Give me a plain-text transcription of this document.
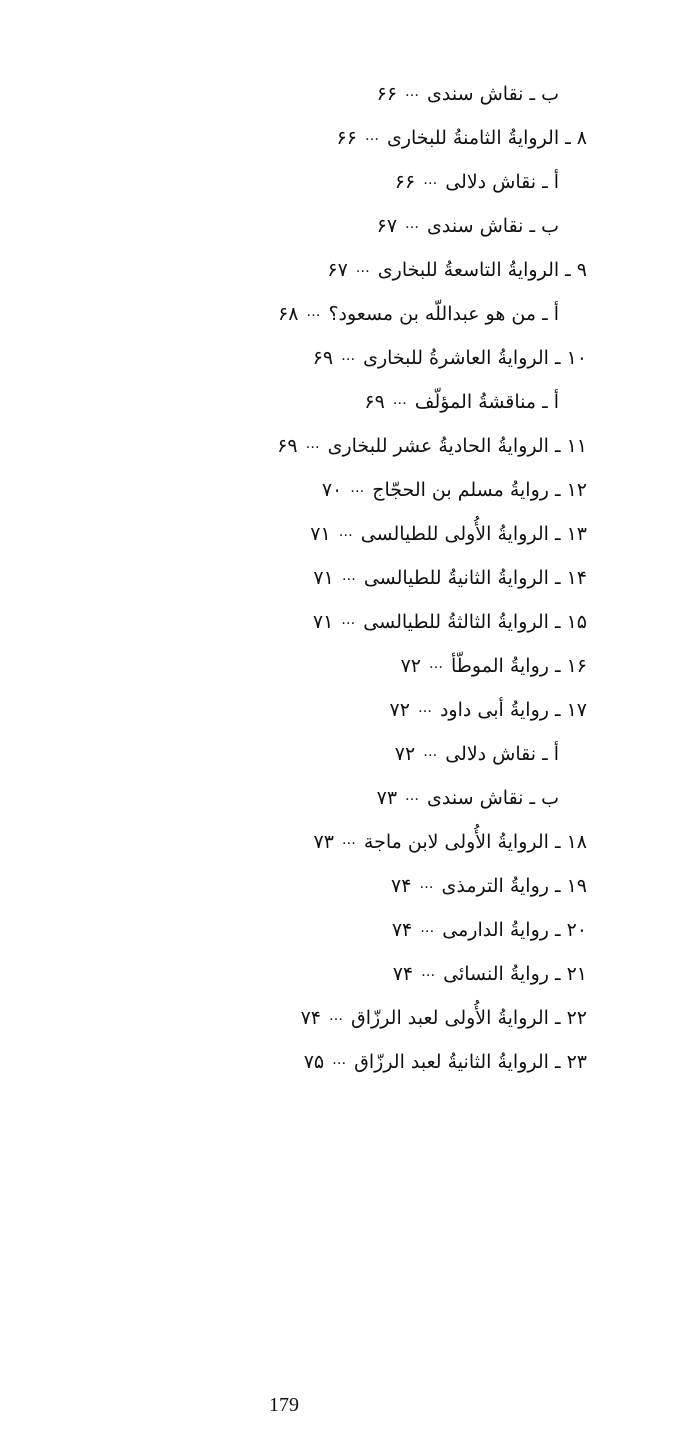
ب ـ نقاش سندى…۶۶
۸ ـ الروايةُ الثامنةُ للبخارى…۶۶
أ ـ نقاش دلالى…۶۶
ب ـ نقاش سندى…۶۷
۹ ـ الروايةُ التاسعةُ للبخارى…۶۷
أ ـ من هو عبداللّه بن مسعود؟…۶۸
۱۰ ـ الروايةُ العاشرةُ للبخارى…۶۹
أ ـ مناقشةُ المؤلّف…۶۹
۱۱ ـ الروايةُ الحاديةُ عشر للبخارى…۶۹
۱۲ ـ روايةُ مسلم بن الحجّاج…۷۰
۱۳ ـ الروايةُ الأُولى للطيالسى…۷۱
۱۴ ـ الروايةُ الثانيةُ للطيالسى…۷۱
۱۵ ـ الروايةُ الثالثةُ للطيالسى…۷۱
۱۶ ـ روايةُ الموطّأ…۷۲
۱۷ ـ روايةُ أبى داود…۷۲
أ ـ نقاش دلالى…۷۲
ب ـ نقاش سندى…۷۳
۱۸ ـ الروايةُ الأُولى لابن ماجة…۷۳
۱۹ ـ روايةُ الترمذى…۷۴
۲۰ ـ روايةُ الدارمى…۷۴
۲۱ ـ روايةُ النسائى…۷۴
۲۲ ـ الروايةُ الأُولى لعبد الرزّاق…۷۴
۲۳ ـ الروايةُ الثانيةُ لعبد الرزّاق…۷۵
179
